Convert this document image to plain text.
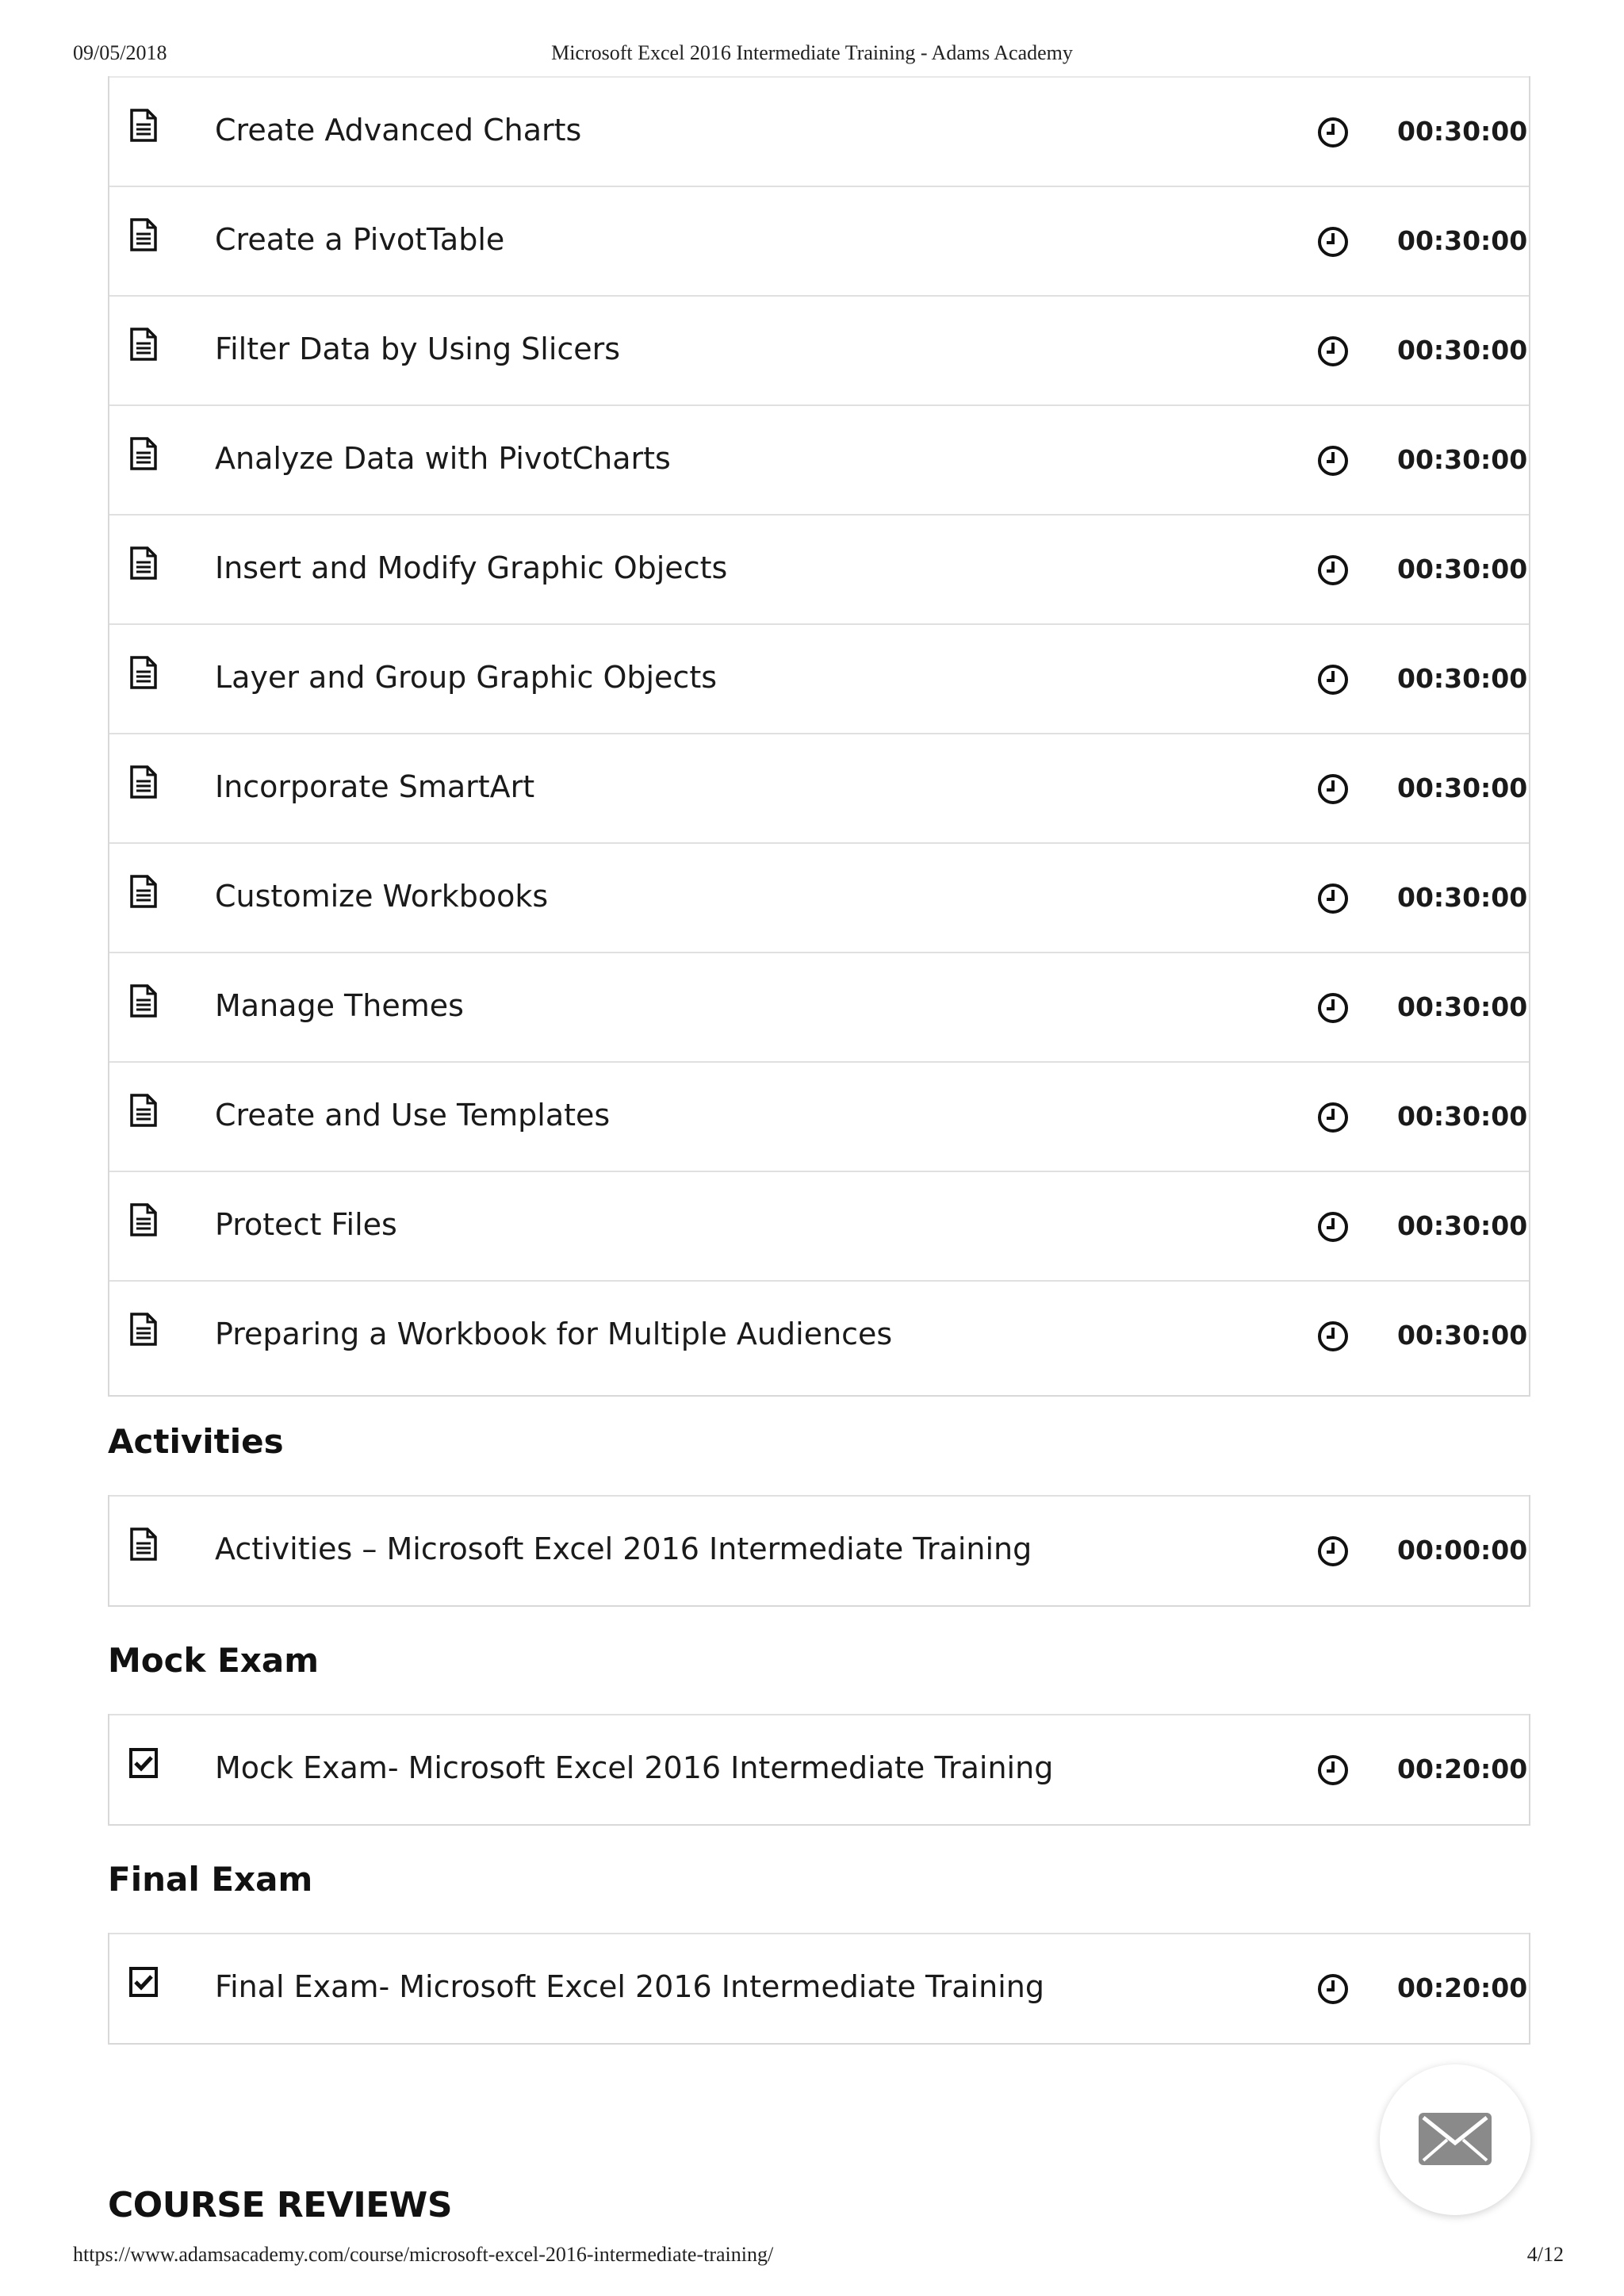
09/05/2018	Microsoft Excel 2016 Intermediate Training - Adams Academy
Create Advanced Charts	00:30:00
Create a PivotTable	00:30:00
Filter Data by Using Slicers	00:30:00
Analyze Data with PivotCharts	00:30:00
Insert and Modify Graphic Objects	00:30:00
Layer and Group Graphic Objects	00:30:00
Incorporate SmartArt	00:30:00
Customize Workbooks	00:30:00
Manage Themes	00:30:00
Create and Use Templates	00:30:00
Protect Files	00:30:00
Preparing a Workbook for Multiple Audiences	00:30:00
Activities
Activities – Microsoft Excel 2016 Intermediate Training	00:00:00
Mock Exam
Mock Exam- Microsoft Excel 2016 Intermediate Training	00:20:00
Final Exam
Final Exam- Microsoft Excel 2016 Intermediate Training	00:20:00
COURSE REVIEWS
https://www.adamsacademy.com/course/microsoft-excel-2016-intermediate-training/	4/12
